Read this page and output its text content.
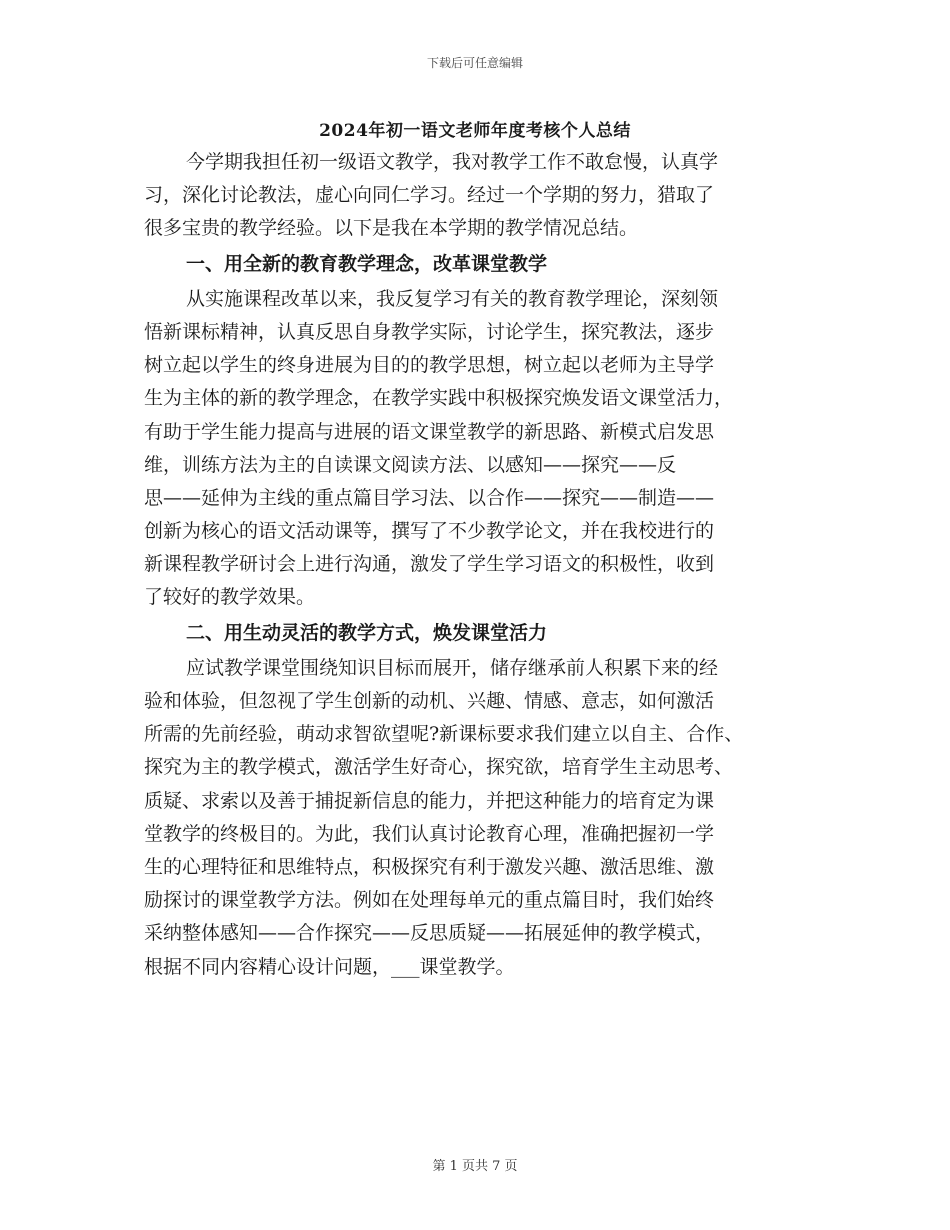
下载后可任意编辑
2024年初一语文老师年度考核个人总结
今学期我担任初一级语文教学，我对教学工作不敢怠慢，认真学
习，深化讨论教法，虚心向同仁学习。经过一个学期的努力，猎取了
很多宝贵的教学经验。以下是我在本学期的教学情况总结。
一、用全新的教育教学理念，改革课堂教学
从实施课程改革以来，我反复学习有关的教育教学理论，深刻领
悟新课标精神，认真反思自身教学实际，讨论学生，探究教法，逐步
树立起以学生的终身进展为目的的教学思想，树立起以老师为主导学
生为主体的新的教学理念，在教学实践中积极探究焕发语文课堂活力，
有助于学生能力提高与进展的语文课堂教学的新思路、新模式启发思
维，训练方法为主的自读课文阅读方法、以感知——探究——反
思——延伸为主线的重点篇目学习法、以合作——探究——制造——
创新为核心的语文活动课等，撰写了不少教学论文，并在我校进行的
新课程教学研讨会上进行沟通，激发了学生学习语文的积极性，收到
了较好的教学效果。
二、用生动灵活的教学方式，焕发课堂活力
应试教学课堂围绕知识目标而展开，储存继承前人积累下来的经
验和体验，但忽视了学生创新的动机、兴趣、情感、意志，如何激活
所需的先前经验，萌动求智欲望呢?新课标要求我们建立以自主、合作、
探究为主的教学模式，激活学生好奇心，探究欲，培育学生主动思考、
质疑、求索以及善于捕捉新信息的能力，并把这种能力的培育定为课
堂教学的终极目的。为此，我们认真讨论教育心理，准确把握初一学
生的心理特征和思维特点，积极探究有利于激发兴趣、激活思维、激
励探讨的课堂教学方法。例如在处理每单元的重点篇目时，我们始终
采纳整体感知——合作探究——反思质疑——拓展延伸的教学模式，
根据不同内容精心设计问题，___课堂教学。
第 1 页共 7 页
